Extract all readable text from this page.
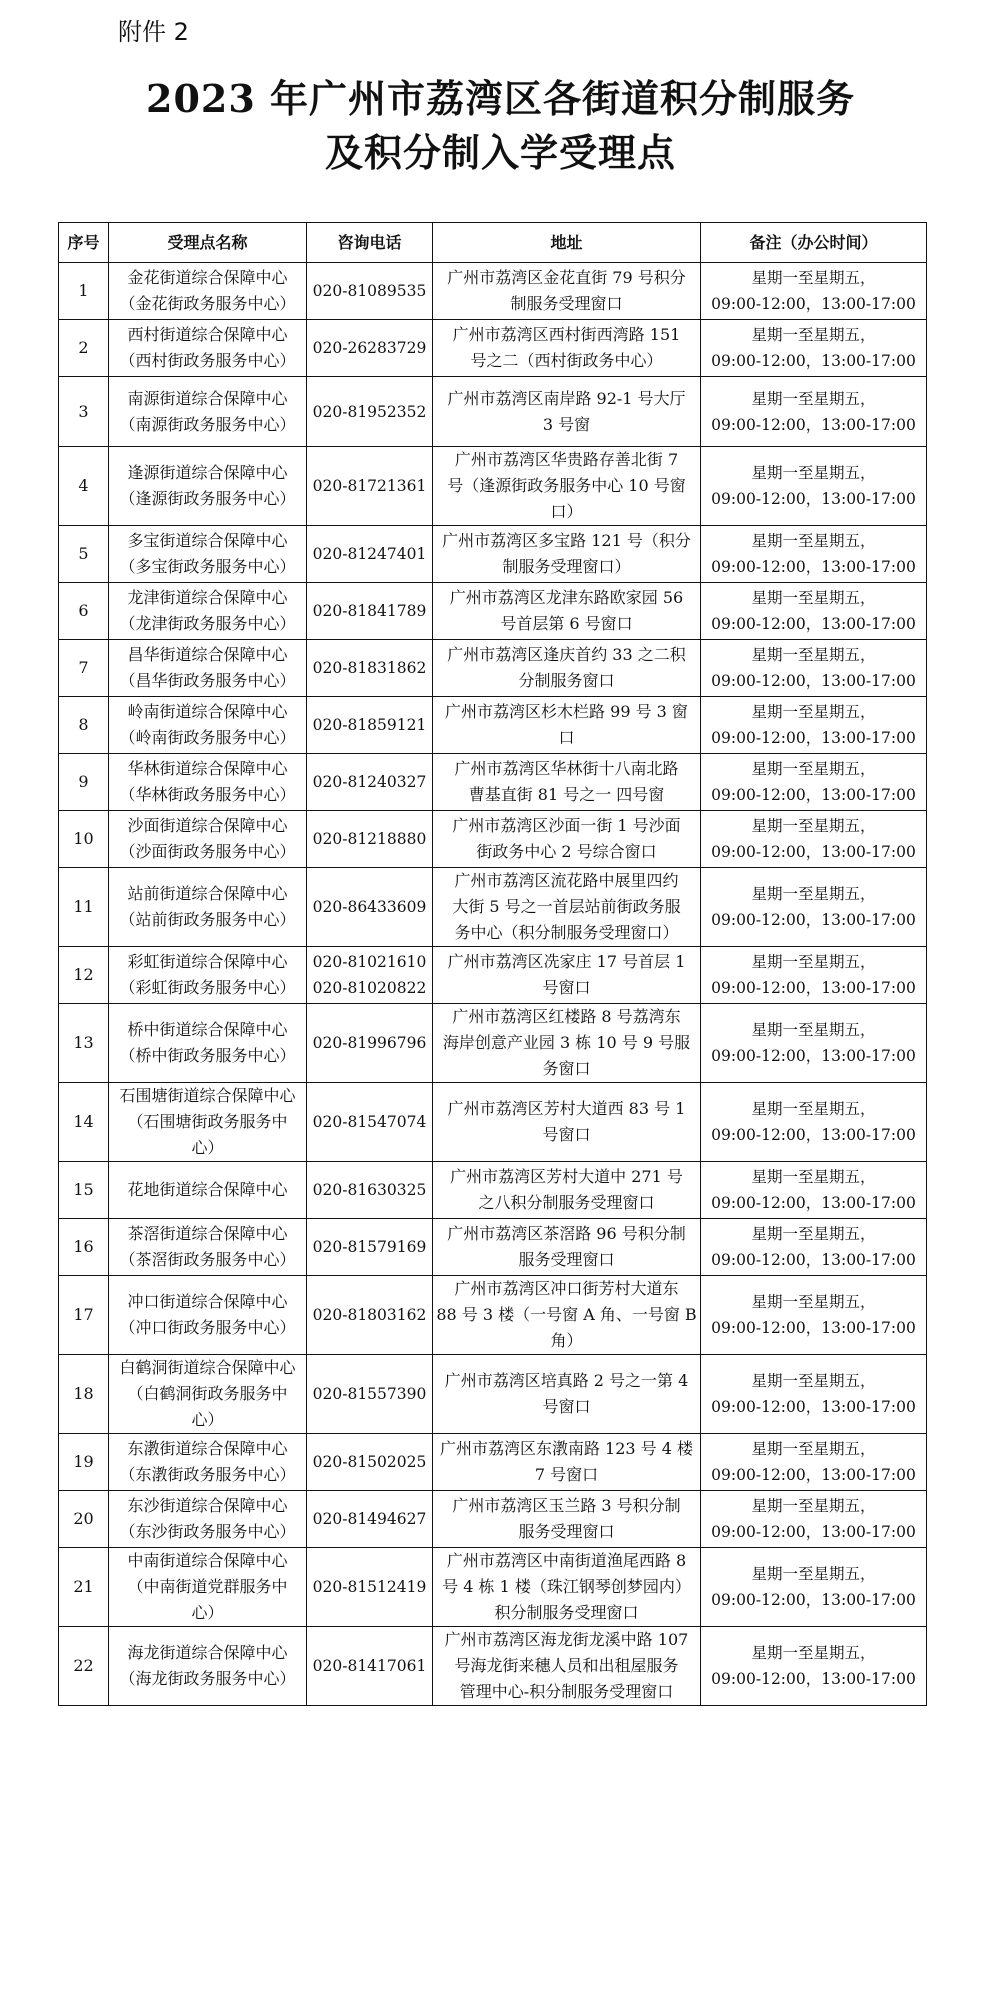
附件 2
2023 年广州市荔湾区各街道积分制服务
及积分制入学受理点
序号	受理点名称	咨询电话	地址	备注（办公时间）
1	金花街道综合保障中心
（金花街政务服务中心）	020-81089535	广州市荔湾区金花直街 79 号积分
制服务受理窗口	星期一至星期五，
09:00-12:00，13:00-17:00

2	西村街道综合保障中心
（西村街政务服务中心）	020-26283729	广州市荔湾区西村街西湾路 151
号之二（西村街政务中心）	星期一至星期五，
09:00-12:00，13:00-17:00

3	南源街道综合保障中心
（南源街政务服务中心）	020-81952352	广州市荔湾区南岸路 92-1 号大厅
3 号窗	星期一至星期五，
09:00-12:00，13:00-17:00

4	逢源街道综合保障中心
（逢源街政务服务中心）	020-81721361	广州市荔湾区华贵路存善北街 7
号（逢源街政务服务中心 10 号窗
口）	星期一至星期五，
09:00-12:00，13:00-17:00

5	多宝街道综合保障中心
（多宝街政务服务中心）	020-81247401	广州市荔湾区多宝路 121 号（积分
制服务受理窗口）	星期一至星期五，
09:00-12:00，13:00-17:00

6	龙津街道综合保障中心
（龙津街政务服务中心）	020-81841789	广州市荔湾区龙津东路欧家园 56
号首层第 6 号窗口	星期一至星期五，
09:00-12:00，13:00-17:00

7	昌华街道综合保障中心
（昌华街政务服务中心）	020-81831862	广州市荔湾区逢庆首约 33 之二积
分制服务窗口	星期一至星期五，
09:00-12:00，13:00-17:00

8	岭南街道综合保障中心
（岭南街政务服务中心）	020-81859121	广州市荔湾区杉木栏路 99 号 3 窗
口	星期一至星期五，
09:00-12:00，13:00-17:00

9	华林街道综合保障中心
（华林街政务服务中心）	020-81240327	广州市荔湾区华林街十八南北路
曹基直街 81 号之一 四号窗	星期一至星期五，
09:00-12:00，13:00-17:00

10	沙面街道综合保障中心
（沙面街政务服务中心）	020-81218880	广州市荔湾区沙面一街 1 号沙面
街政务中心 2 号综合窗口	星期一至星期五，
09:00-12:00，13:00-17:00

11	站前街道综合保障中心
（站前街政务服务中心）	020-86433609	广州市荔湾区流花路中展里四约
大街 5 号之一首层站前街政务服
务中心（积分制服务受理窗口）	星期一至星期五，
09:00-12:00，13:00-17:00

12	彩虹街道综合保障中心
（彩虹街政务服务中心）	020-81021610
020-81020822	广州市荔湾区冼家庄 17 号首层 1
号窗口	星期一至星期五，
09:00-12:00，13:00-17:00

13	桥中街道综合保障中心
（桥中街政务服务中心）	020-81996796	广州市荔湾区红楼路 8 号荔湾东
海岸创意产业园 3 栋 10 号 9 号服
务窗口	星期一至星期五，
09:00-12:00，13:00-17:00

14	石围塘街道综合保障中心
（石围塘街政务服务中
心）	020-81547074	广州市荔湾区芳村大道西 83 号 1
号窗口	星期一至星期五，
09:00-12:00，13:00-17:00

15	花地街道综合保障中心	020-81630325	广州市荔湾区芳村大道中 271 号
之八积分制服务受理窗口	星期一至星期五，
09:00-12:00，13:00-17:00

16	茶滘街道综合保障中心
（茶滘街政务服务中心）	020-81579169	广州市荔湾区茶滘路 96 号积分制
服务受理窗口	星期一至星期五，
09:00-12:00，13:00-17:00

17	冲口街道综合保障中心
（冲口街政务服务中心）	020-81803162	广州市荔湾区冲口街芳村大道东
88 号 3 楼（一号窗 A 角、一号窗 B
角）	星期一至星期五，
09:00-12:00，13:00-17:00

18	白鹤洞街道综合保障中心
（白鹤洞街政务服务中
心）	020-81557390	广州市荔湾区培真路 2 号之一第 4
号窗口	星期一至星期五，
09:00-12:00，13:00-17:00

19	东漖街道综合保障中心
（东漖街政务服务中心）	020-81502025	广州市荔湾区东漖南路 123 号 4 楼
7 号窗口	星期一至星期五，
09:00-12:00，13:00-17:00

20	东沙街道综合保障中心
（东沙街政务服务中心）	020-81494627	广州市荔湾区玉兰路 3 号积分制
服务受理窗口	星期一至星期五，
09:00-12:00，13:00-17:00

21	中南街道综合保障中心
（中南街道党群服务中
心）	020-81512419	广州市荔湾区中南街道渔尾西路 8
号 4 栋 1 楼（珠江钢琴创梦园内）
积分制服务受理窗口	星期一至星期五，
09:00-12:00，13:00-17:00

22	海龙街道综合保障中心
（海龙街政务服务中心）	020-81417061	广州市荔湾区海龙街龙溪中路 107
号海龙街来穗人员和出租屋服务
管理中心-积分制服务受理窗口	星期一至星期五，
09:00-12:00，13:00-17:00
